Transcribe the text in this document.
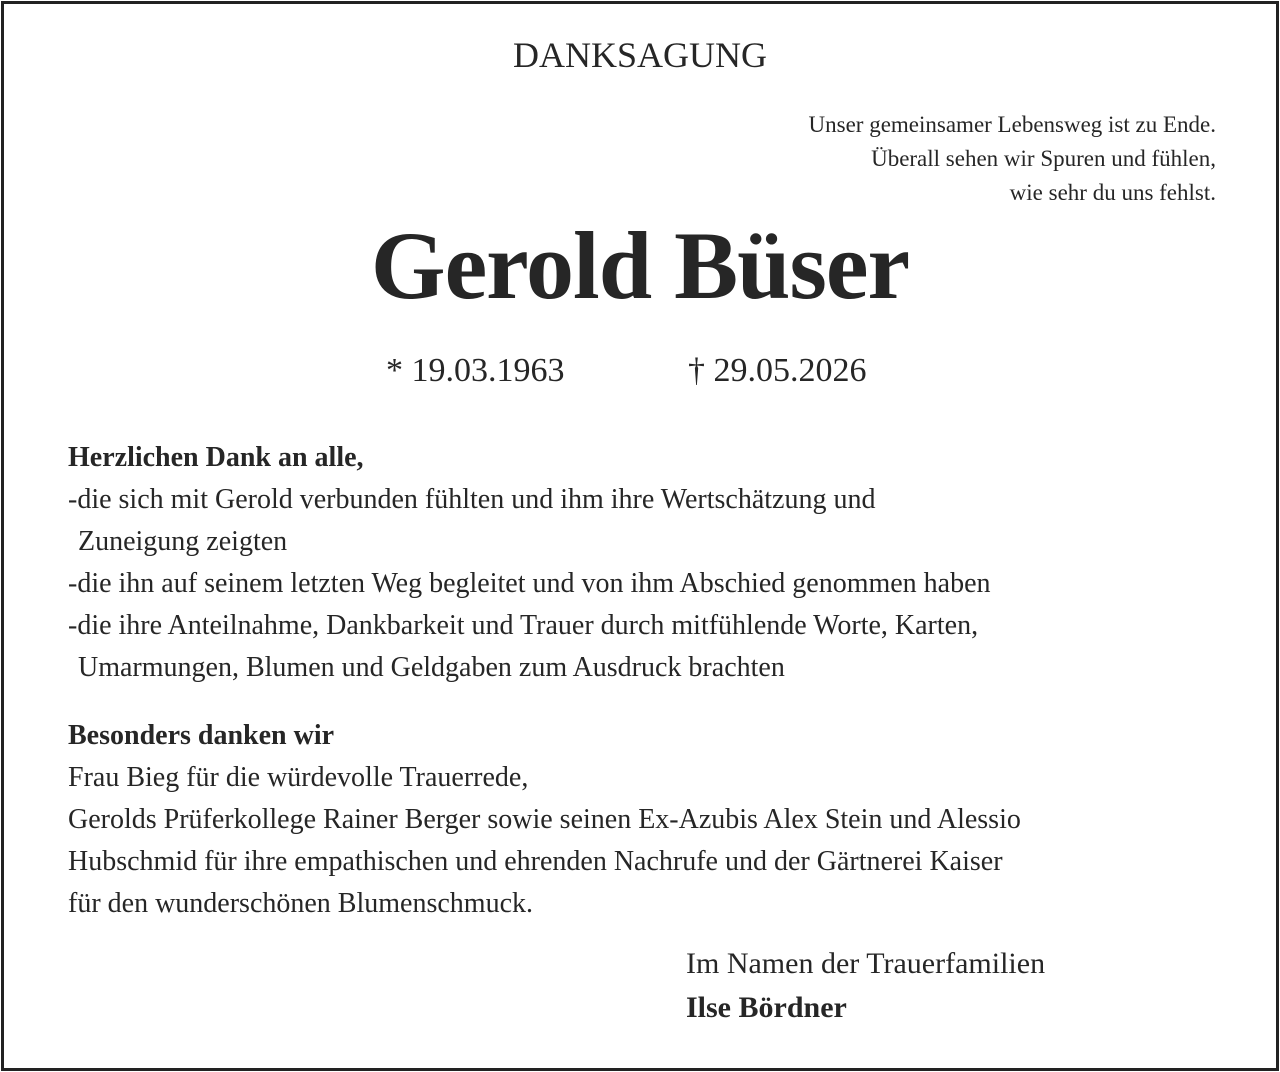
DANKSAGUNG
Unser gemeinsamer Lebensweg ist zu Ende.
Überall sehen wir Spuren und fühlen,
wie sehr du uns fehlst.
Gerold Büser
* 19.03.1963	† 29.05.2026
Herzlichen Dank an alle,
-die sich mit Gerold verbunden fühlten und ihm ihre Wertschätzung und
Zuneigung zeigten
-die ihn auf seinem letzten Weg begleitet und von ihm Abschied genommen haben
-die ihre Anteilnahme, Dankbarkeit und Trauer durch mitfühlende Worte, Karten,
Umarmungen, Blumen und Geldgaben zum Ausdruck brachten
Besonders danken wir
Frau Bieg für die würdevolle Trauerrede,
Gerolds Prüferkollege Rainer Berger sowie seinen Ex-Azubis Alex Stein und Alessio
Hubschmid für ihre empathischen und ehrenden Nachrufe und der Gärtnerei Kaiser
für den wunderschönen Blumenschmuck.
Im Namen der Trauerfamilien
Ilse Bördner
